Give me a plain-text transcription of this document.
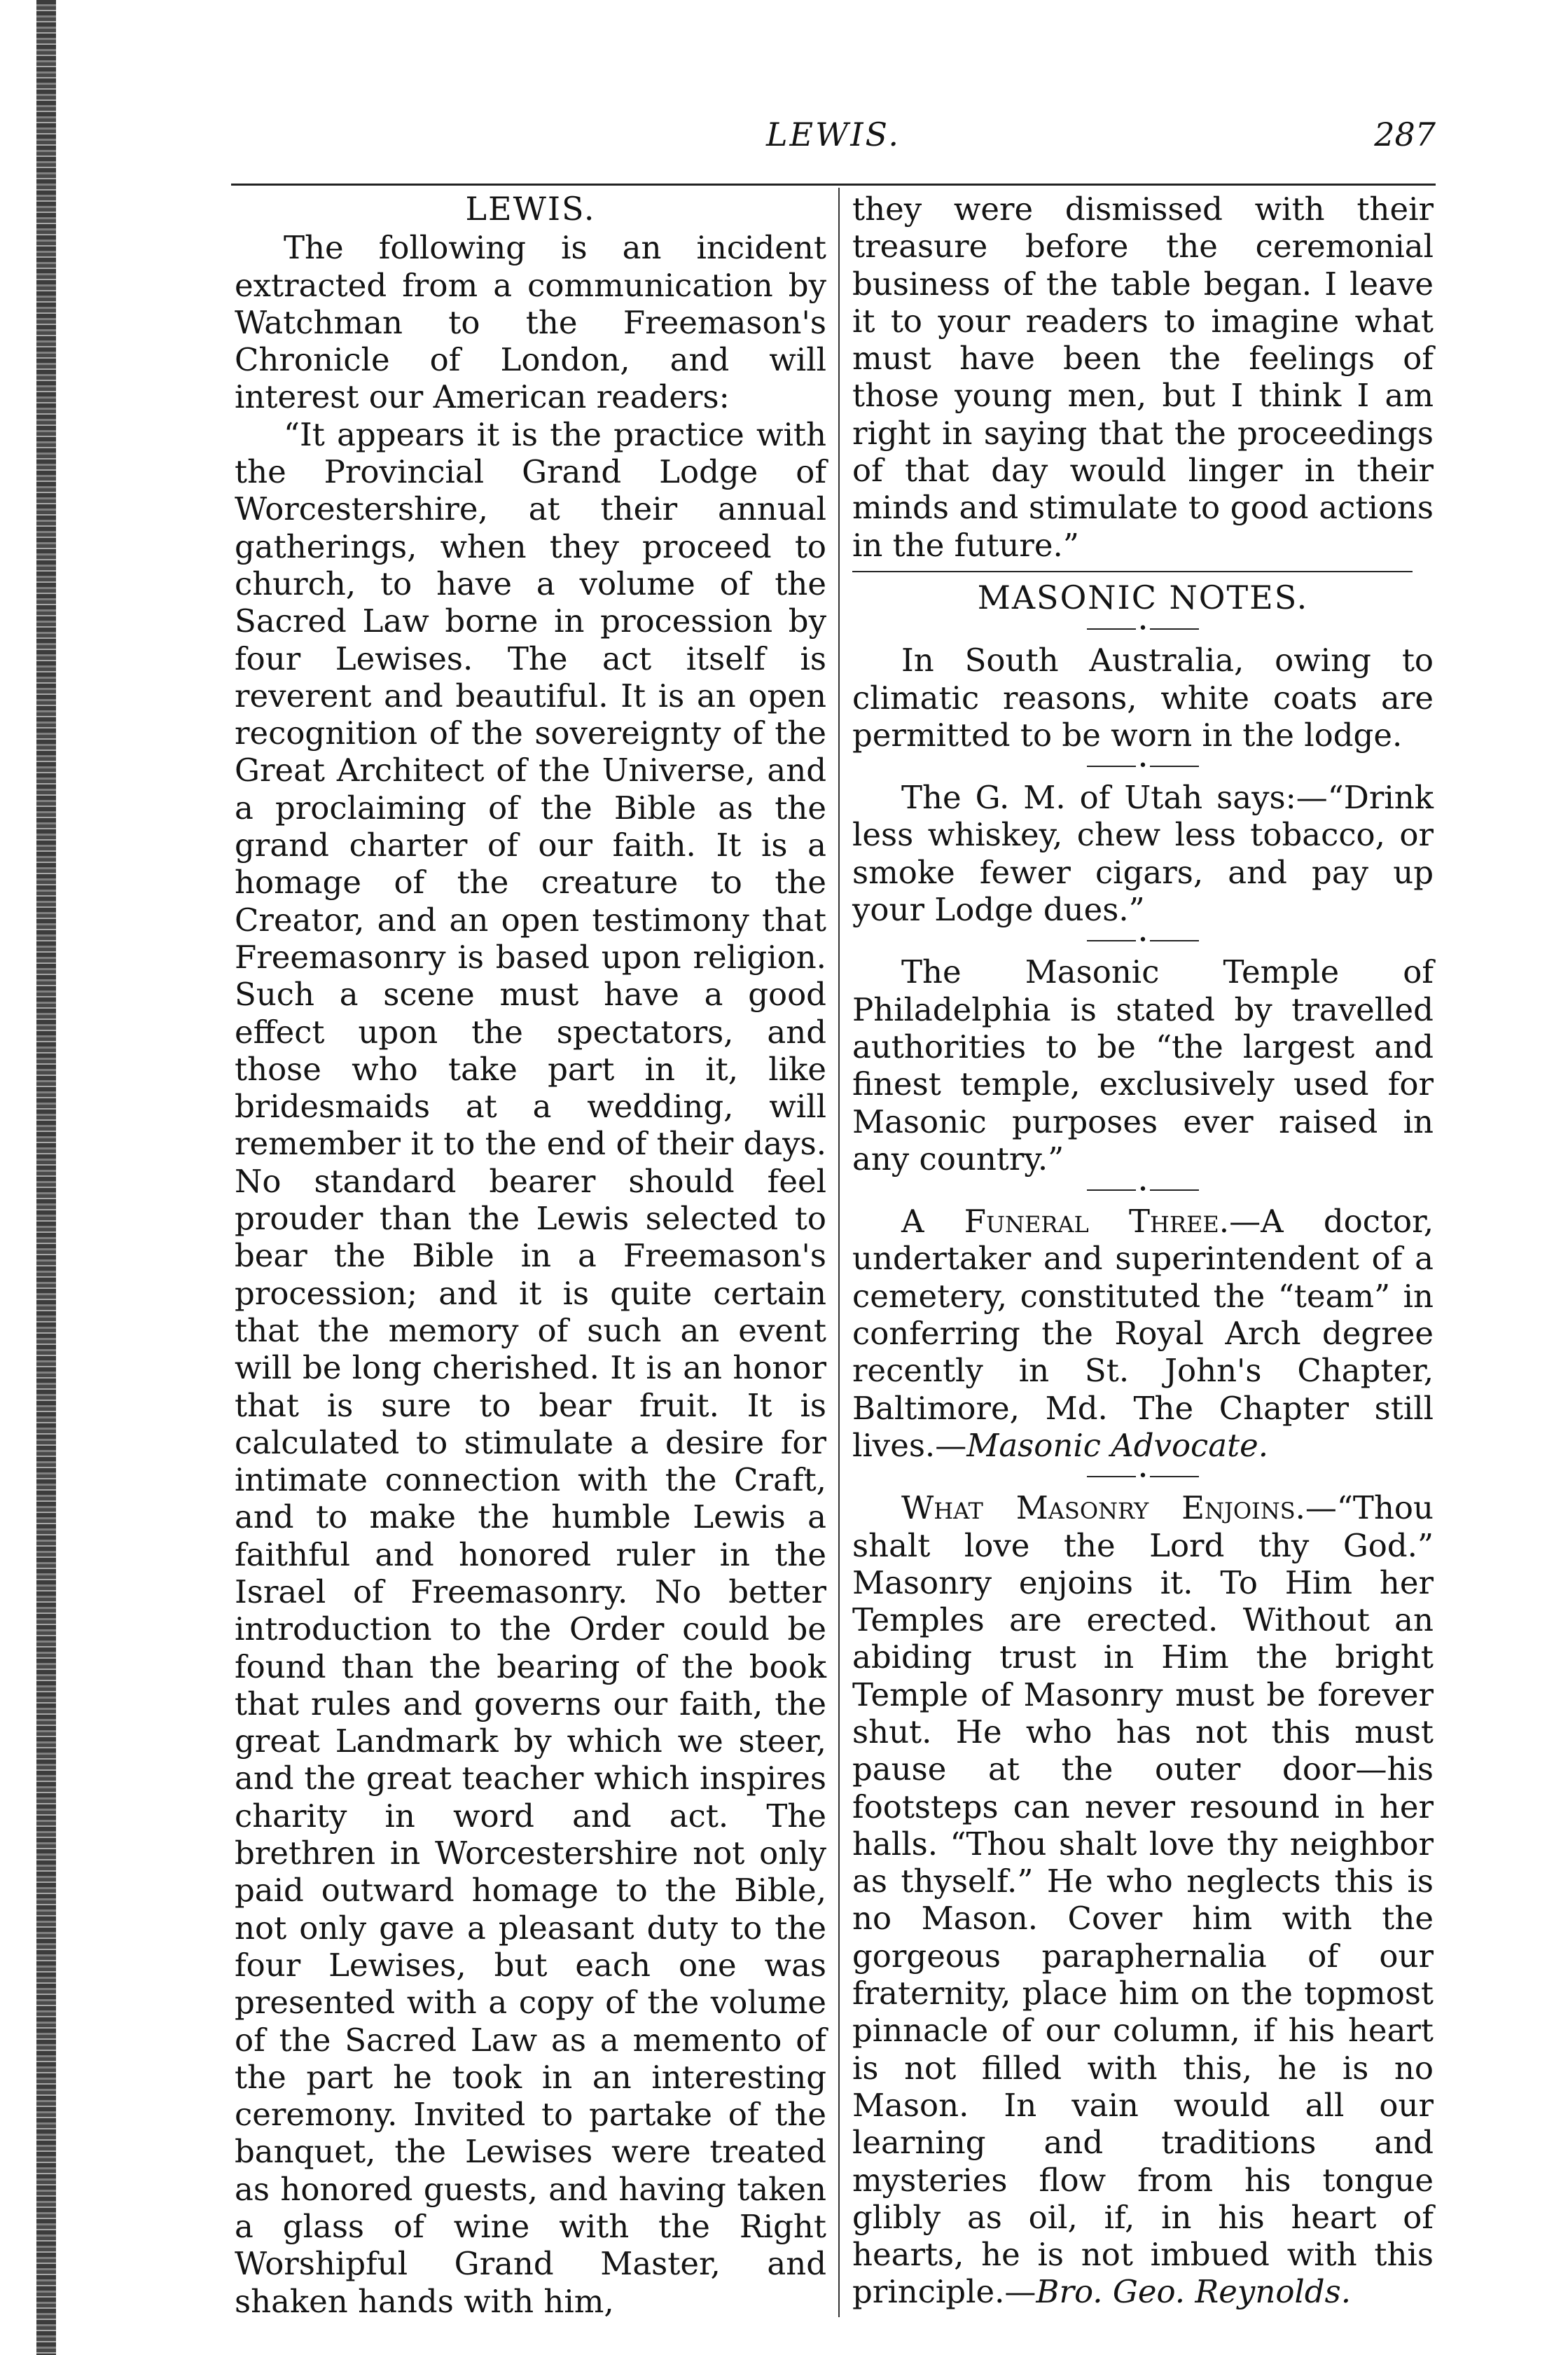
LEWIS.	287
LEWIS.

The following is an incident extracted from a communication by Watchman to the Freemason's Chronicle of London, and will interest our American readers:

“It appears it is the practice with the Provincial Grand Lodge of Worcestershire, at their annual gatherings, when they proceed to church, to have a volume of the Sacred Law borne in procession by four Lewises. The act itself is reverent and beautiful. It is an open recognition of the sovereignty of the Great Architect of the Universe, and a proclaiming of the Bible as the grand charter of our faith. It is a homage of the creature to the Creator, and an open testimony that Freemasonry is based upon religion. Such a scene must have a good effect upon the spectators, and those who take part in it, like bridesmaids at a wedding, will remember it to the end of their days. No standard bearer should feel prouder than the Lewis selected to bear the Bible in a Freemason's procession; and it is quite certain that the memory of such an event will be long cherished. It is an honor that is sure to bear fruit. It is calculated to stimulate a desire for intimate connection with the Craft, and to make the humble Lewis a faithful and honored ruler in the Israel of Freemasonry. No better introduction to the Order could be found than the bearing of the book that rules and governs our faith, the great Landmark by which we steer, and the great teacher which inspires charity in word and act. The brethren in Worcestershire not only paid outward homage to the Bible, not only gave a pleasant duty to the four Lewises, but each one was presented with a copy of the volume of the Sacred Law as a memento of the part he took in an interesting ceremony. Invited to partake of the banquet, the Lewises were treated as honored guests, and having taken a glass of wine with the Right Worshipful Grand Master, and shaken hands with him,

they were dismissed with their treasure before the ceremonial business of the table began. I leave it to your readers to imagine what must have been the feelings of those young men, but I think I am right in saying that the proceedings of that day would linger in their minds and stimulate to good actions in the future.”

MASONIC NOTES.
•

In South Australia, owing to climatic reasons, white coats are permitted to be worn in the lodge.

•

The G. M. of Utah says:—“Drink less whiskey, chew less tobacco, or smoke fewer cigars, and pay up your Lodge dues.”

•

The Masonic Temple of Philadelphia is stated by travelled authorities to be “the largest and finest temple, exclusively used for Masonic purposes ever raised in any country.”

•

A Funeral Three.—A doctor, undertaker and superintendent of a cemetery, constituted the “team” in conferring the Royal Arch degree recently in St. John's Chapter, Baltimore, Md. The Chapter still lives.—Masonic Advocate.

•

What Masonry Enjoins.—“Thou shalt love the Lord thy God.” Masonry enjoins it. To Him her Temples are erected. Without an abiding trust in Him the bright Temple of Masonry must be forever shut. He who has not this must pause at the outer door—his footsteps can never resound in her halls. “Thou shalt love thy neighbor as thyself.” He who neglects this is no Mason. Cover him with the gorgeous paraphernalia of our fraternity, place him on the topmost pinnacle of our column, if his heart is not filled with this, he is no Mason. In vain would all our learning and traditions and mysteries flow from his tongue glibly as oil, if, in his heart of hearts, he is not imbued with this principle.—Bro. Geo. Reynolds.
